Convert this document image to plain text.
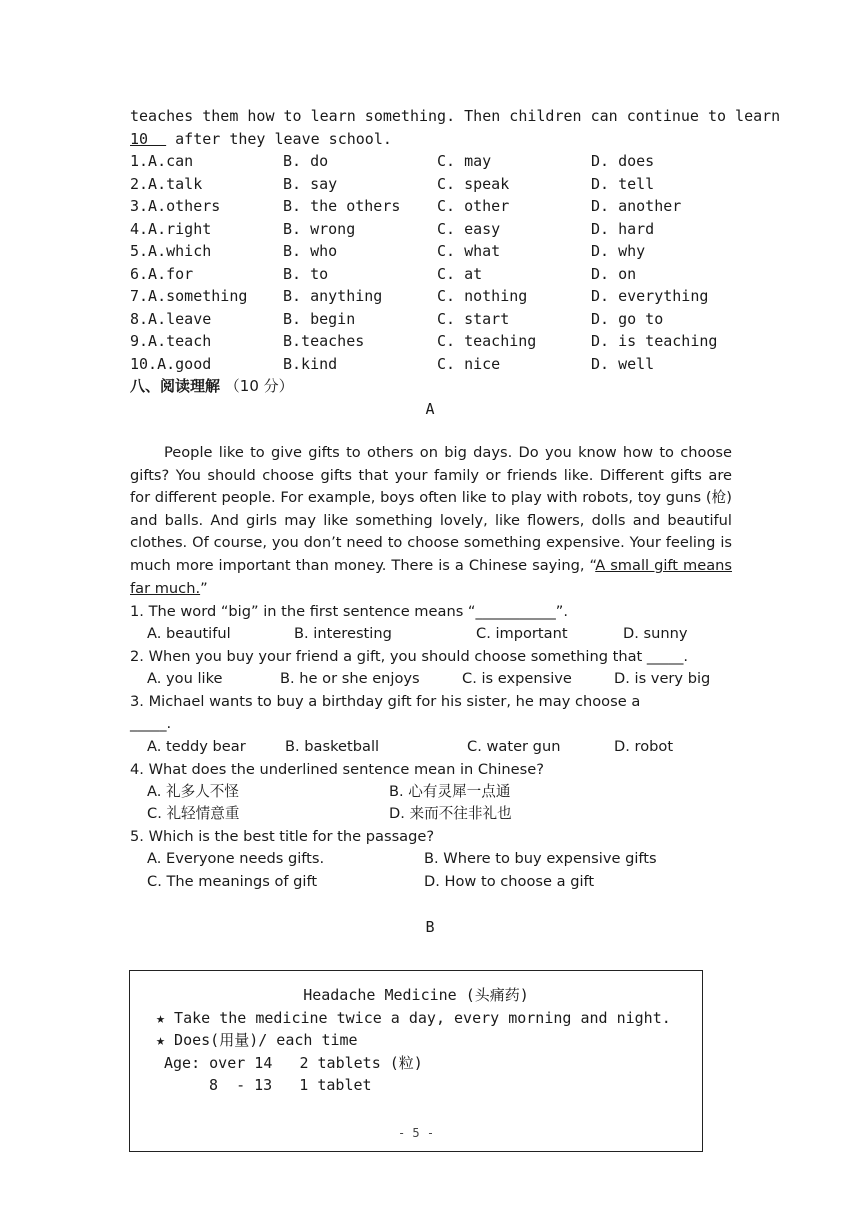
teaches them how to learn something. Then children can continue to learn
10   after they leave school.
1.A.can	B. do	C. may	D. does
2.A.talk	B. say	C. speak	D. tell
3.A.others	B. the others C. other	D. another
4.A.right	B. wrong	C. easy	D. hard
5.A.which	B. who	C. what	D. why
6.A.for	B. to	C. at	D. on
7.A.something B. anything	C. nothing	D. everything
8.A.leave	B. begin	C. start	D. go to
9.A.teach	B.teaches	C. teaching	D. is teaching
10.A.good	B.kind	C. nice	D. well
八、阅读理解 （10 分）
A
People like to give gifts to others on big days. Do you know how to choose gifts? You should choose gifts that your family or friends like. Different gifts are for different people. For example, boys often like to play with robots, toy guns (枪) and balls. And girls may like something lovely, like flowers, dolls and beautiful clothes. Of course, you don’t need to choose something expensive. Your feeling is much more important than money. There is a Chinese saying, “A small gift means far much.”
1. The word “big” in the first sentence means “___________”.
A. beautiful	B. interesting	C. important	D. sunny
2. When you buy your friend a gift, you should choose something that _____.
A. you like	B. he or she enjoys	C. is expensive	D. is very big
3. Michael wants to buy a birthday gift for his sister, he may choose a
_____.
A. teddy bear	B. basketball	C. water gun	D. robot
4. What does the underlined sentence mean in Chinese?
A. 礼多人不怪	B. 心有灵犀一点通
C. 礼轻情意重	D. 来而不往非礼也
5. Which is the best title for the passage?
A. Everyone needs gifts.	B. Where to buy expensive gifts
C. The meanings of gift	D. How to choose a gift
B
Headache Medicine (头痛药)
★ Take the medicine twice a day, every morning and night.
★ Does(用量)/ each time
Age: over 14   2 tablets (粒)
8  - 13   1 tablet
- 5 -
